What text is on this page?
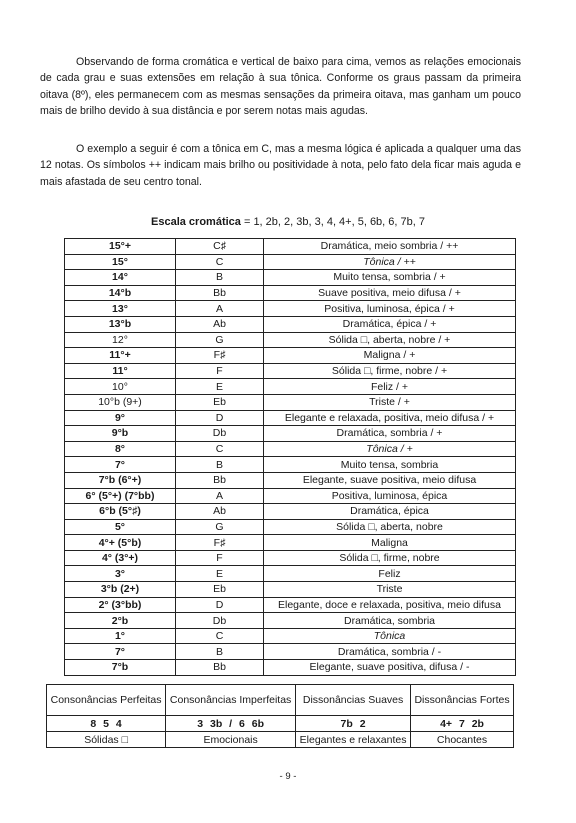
Observando de forma cromática e vertical de baixo para cima, vemos as relações emocionais de cada grau e suas extensões em relação à sua tônica. Conforme os graus passam da primeira oitava (8º), eles permanecem com as mesmas sensações da primeira oitava, mas ganham um pouco mais de brilho devido à sua distância e por serem notas mais agudas.

O exemplo a seguir é com a tônica em C, mas a mesma lógica é aplicada a qualquer uma das 12 notas. Os símbolos ++ indicam mais brilho ou positividade à nota, pelo fato dela ficar mais aguda e mais afastada de seu centro tonal.

Escala cromática = 1, 2b, 2, 3b, 3, 4, 4+, 5, 6b, 6, 7b, 7
15°+	C♯	Dramática, meio sombria / ++
15°	C	Tônica / ++
14°	B	Muito tensa, sombria / +
14°b	Bb	Suave positiva, meio difusa / +
13°	A	Positiva, luminosa, épica / +
13°b	Ab	Dramática, épica / +
12°	G	Sólida □, aberta, nobre / +
11°+	F♯	Maligna / +
11°	F	Sólida □, firme, nobre / +
10°	E	Feliz / +
10°b (9+)	Eb	Triste / +
9°	D	Elegante e relaxada, positiva, meio difusa / +
9°b	Db	Dramática, sombria / +
8°	C	Tônica / +
7°	B	Muito tensa, sombria
7°b (6°+)	Bb	Elegante, suave positiva, meio difusa
6° (5°+) (7°bb)	A	Positiva, luminosa, épica
6°b (5°♯)	Ab	Dramática, épica
5°	G	Sólida □, aberta, nobre
4°+ (5°b)	F♯	Maligna
4° (3°+)	F	Sólida □, firme, nobre
3°	E	Feliz
3°b (2+)	Eb	Triste
2° (3°bb)	D	Elegante, doce e relaxada, positiva, meio difusa
2°b	Db	Dramática, sombria
1°	C	Tônica
7°	B	Dramática, sombria / -
7°b	Bb	Elegante, suave positiva, difusa / -
Consonâncias Perfeitas	Consonâncias Imperfeitas	Dissonâncias Suaves	Dissonâncias Fortes
8 5 4	3 3b / 6 6b	7b 2	4+ 7 2b
Sólidas □	Emocionais	Elegantes e relaxantes	Chocantes
- 9 -
